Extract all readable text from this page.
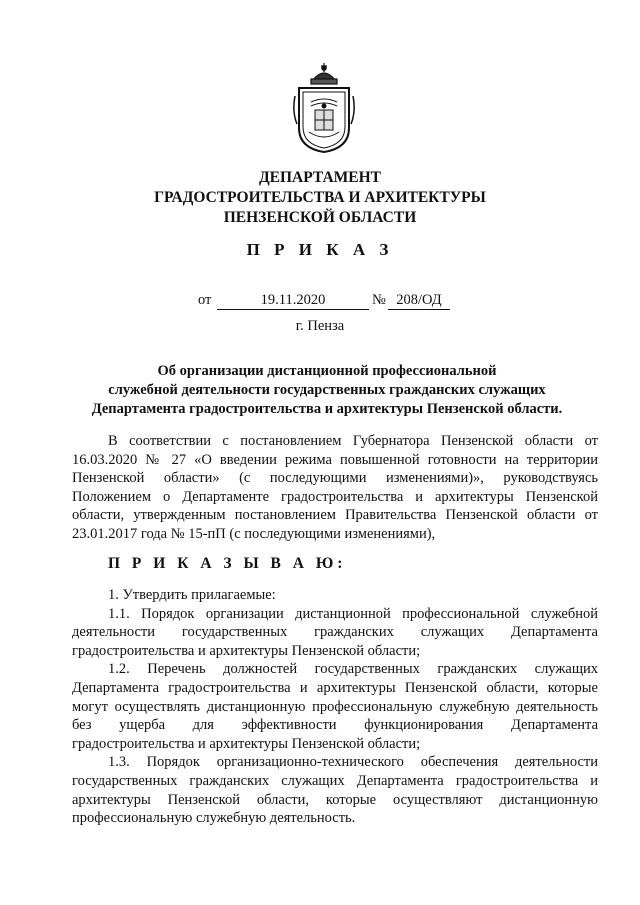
ДЕПАРТАМЕНТ
ГРАДОСТРОИТЕЛЬСТВА И АРХИТЕКТУРЫ
ПЕНЗЕНСКОЙ ОБЛАСТИ
П Р И К А З
от	19.11.2020	№ 208/ОД
г. Пенза
Об организации дистанционной профессиональной
служебной деятельности государственных гражданских служащих
Департамента градостроительства и архитектуры Пензенской области.

В соответствии с постановлением Губернатора Пензенской области от 16.03.2020 № 27 «О введении режима повышенной готовности на территории Пензенской области» (с последующими изменениями)», руководствуясь Положением о Департаменте градостроительства и архитектуры Пензенской области, утвержденным постановлением Правительства Пензенской области от 23.01.2017 года № 15-пП (с последующими изменениями),

П Р И К А З Ы В А Ю:

1. Утвердить прилагаемые:

1.1. Порядок организации дистанционной профессиональной служебной деятельности государственных гражданских служащих Департамента градостроительства и архитектуры Пензенской области;

1.2. Перечень должностей государственных гражданских служащих Департамента градостроительства и архитектуры Пензенской области, которые могут осуществлять дистанционную профессиональную служебную деятельность без ущерба для эффективности функционирования Департамента градостроительства и архитектуры Пензенской области;

1.3. Порядок организационно-технического обеспечения деятельности государственных гражданских служащих Департамента градостроительства и архитектуры Пензенской области, которые осуществляют дистанционную профессиональную служебную деятельность.
